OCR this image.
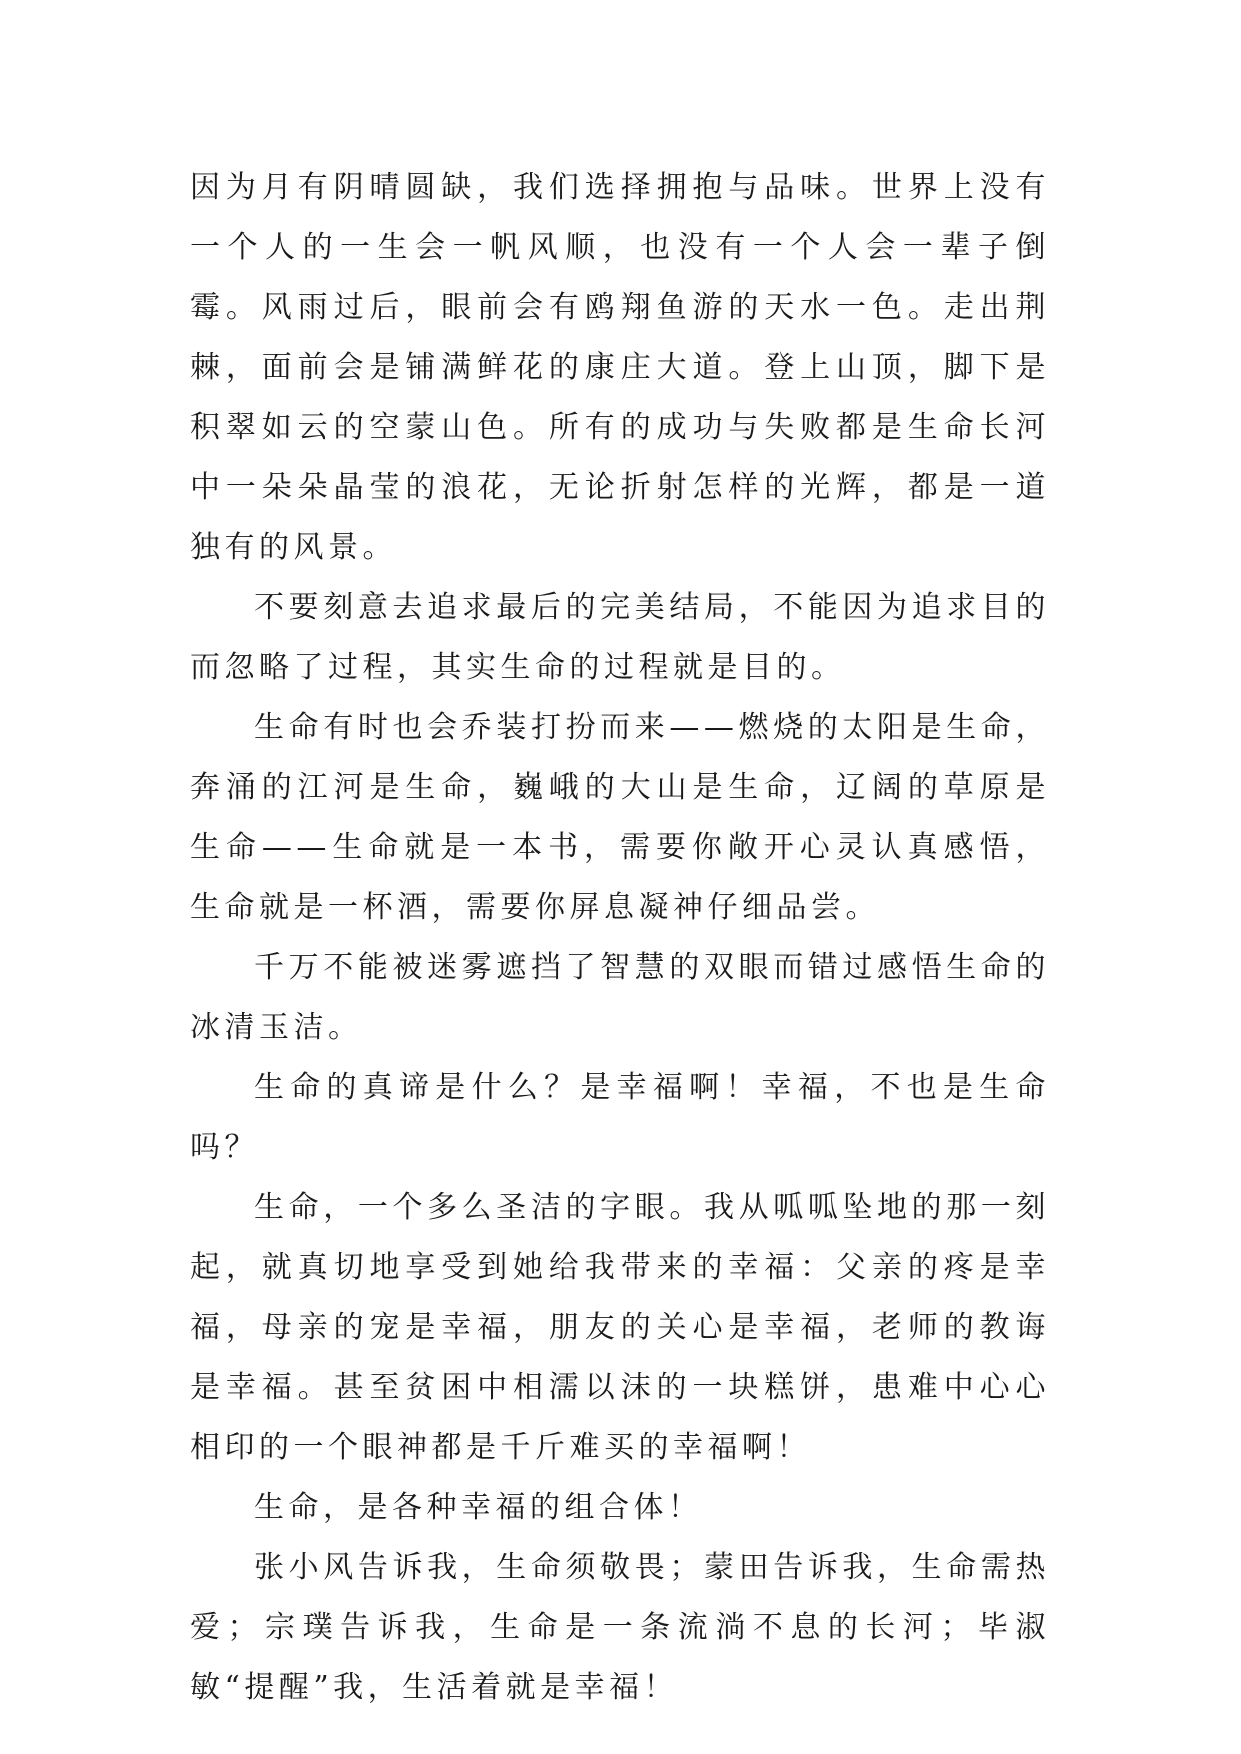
因为月有阴晴圆缺，我们选择拥抱与品味。世界上没有一个人的一生会一帆风顺，也没有一个人会一辈子倒霉。风雨过后，眼前会有鸥翔鱼游的天水一色。走出荆棘，面前会是铺满鲜花的康庄大道。登上山顶，脚下是积翠如云的空蒙山色。所有的成功与失败都是生命长河中一朵朵晶莹的浪花，无论折射怎样的光辉，都是一道独有的风景。

不要刻意去追求最后的完美结局，不能因为追求目的而忽略了过程，其实生命的过程就是目的。

生命有时也会乔装打扮而来——燃烧的太阳是生命，奔涌的江河是生命，巍峨的大山是生命，辽阔的草原是生命——生命就是一本书，需要你敞开心灵认真感悟，生命就是一杯酒，需要你屏息凝神仔细品尝。

千万不能被迷雾遮挡了智慧的双眼而错过感悟生命的冰清玉洁。

生命的真谛是什么？是幸福啊！幸福，不也是生命吗？

生命，一个多么圣洁的字眼。我从呱呱坠地的那一刻起，就真切地享受到她给我带来的幸福：父亲的疼是幸福，母亲的宠是幸福，朋友的关心是幸福，老师的教诲是幸福。甚至贫困中相濡以沫的一块糕饼，患难中心心相印的一个眼神都是千斤难买的幸福啊！

生命，是各种幸福的组合体！

张小风告诉我，生命须敬畏；蒙田告诉我，生命需热爱；宗璞告诉我，生命是一条流淌不息的长河；毕淑敏“提醒”我，生活着就是幸福！
